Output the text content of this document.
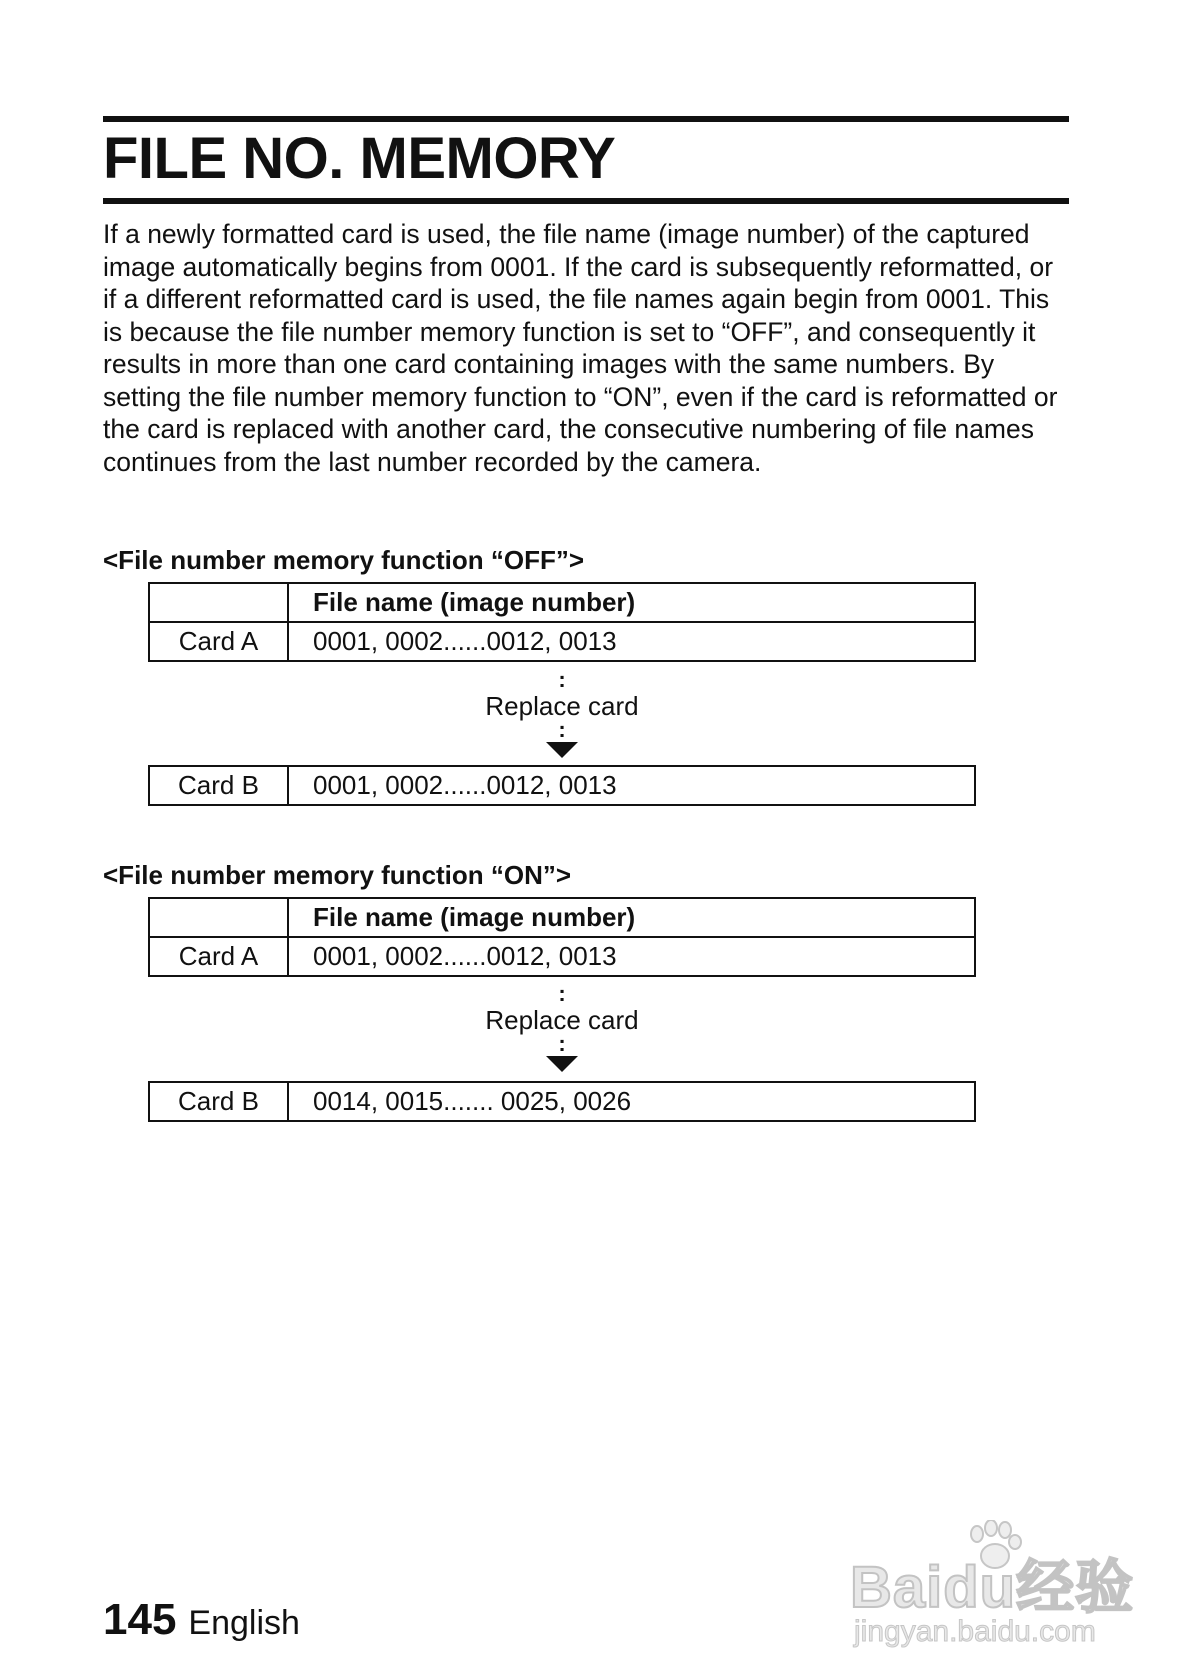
FILE NO. MEMORY

If a newly formatted card is used, the file name (image number) of the captured image automatically begins from 0001. If the card is subsequently reformatted, or if a different reformatted card is used, the file names again begin from 0001. This is because the file number memory function is set to “OFF”, and consequently it results in more than one card containing images with the same numbers. By setting the file number memory function to “ON”, even if the card is reformatted or the card is replaced with another card, the consecutive numbering of file names continues from the last number recorded by the camera.

<File number memory function “OFF”>
	File name (image number)
Card A	0001, 0002......0012, 0013
:
Replace card
:
Card B	0001, 0002......0012, 0013
<File number memory function “ON”>
	File name (image number)
Card A	0001, 0002......0012, 0013
:
Replace card
:
Card B	0014, 0015....... 0025, 0026

145 English

Baidu经验
jingyan.baidu.com
